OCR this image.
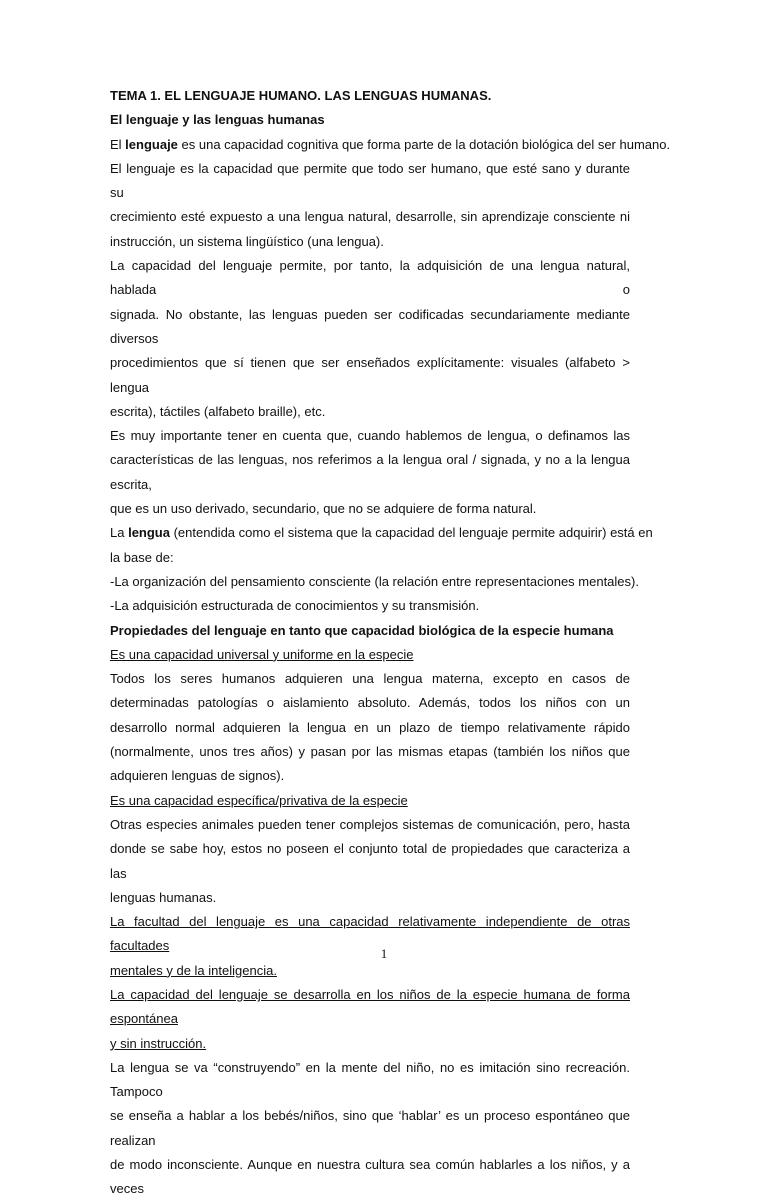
TEMA 1. EL LENGUAJE HUMANO. LAS LENGUAS HUMANAS.

El lenguaje y las lenguas humanas

El lenguaje es una capacidad cognitiva que forma parte de la dotación biológica del ser humano.

El lenguaje es la capacidad que permite que todo ser humano, que esté sano y durante su

crecimiento esté expuesto a una lengua natural, desarrolle, sin aprendizaje consciente ni

instrucción, un sistema lingüístico (una lengua).

La capacidad del lenguaje permite, por tanto, la adquisición de una lengua natural, hablada o

signada. No obstante, las lenguas pueden ser codificadas secundariamente mediante diversos

procedimientos que sí tienen que ser enseñados explícitamente: visuales (alfabeto > lengua

escrita), táctiles (alfabeto braille), etc.

Es muy importante tener en cuenta que, cuando hablemos de lengua, o definamos las

características de las lenguas, nos referimos a la lengua oral / signada, y no a la lengua escrita,

que es un uso derivado, secundario, que no se adquiere de forma natural.

La lengua (entendida como el sistema que la capacidad del lenguaje permite adquirir) está en

la base de:

-La organización del pensamiento consciente (la relación entre representaciones mentales).

-La adquisición estructurada de conocimientos y su transmisión.

Propiedades del lenguaje en tanto que capacidad biológica de la especie humana

Es una capacidad universal y uniforme en la especie

Todos los seres humanos adquieren una lengua materna, excepto en casos de

determinadas patologías o aislamiento absoluto. Además, todos los niños con un

desarrollo normal adquieren la lengua en un plazo de tiempo relativamente rápido

(normalmente, unos tres años) y pasan por las mismas etapas (también los niños que

adquieren lenguas de signos).

Es una capacidad específica/privativa de la especie

Otras especies animales pueden tener complejos sistemas de comunicación, pero, hasta

donde se sabe hoy, estos no poseen el conjunto total de propiedades que caracteriza a las

lenguas humanas.

La facultad del lenguaje es una capacidad relativamente independiente de otras facultades

mentales y de la inteligencia.

La capacidad del lenguaje se desarrolla en los niños de la especie humana de forma espontánea

y sin instrucción.

La lengua se va “construyendo” en la mente del niño, no es imitación sino recreación. Tampoco

se enseña a hablar a los bebés/niños, sino que ‘hablar’ es un proceso espontáneo que realizan

de modo inconsciente. Aunque en nuestra cultura sea común hablarles a los niños, y a veces

1
